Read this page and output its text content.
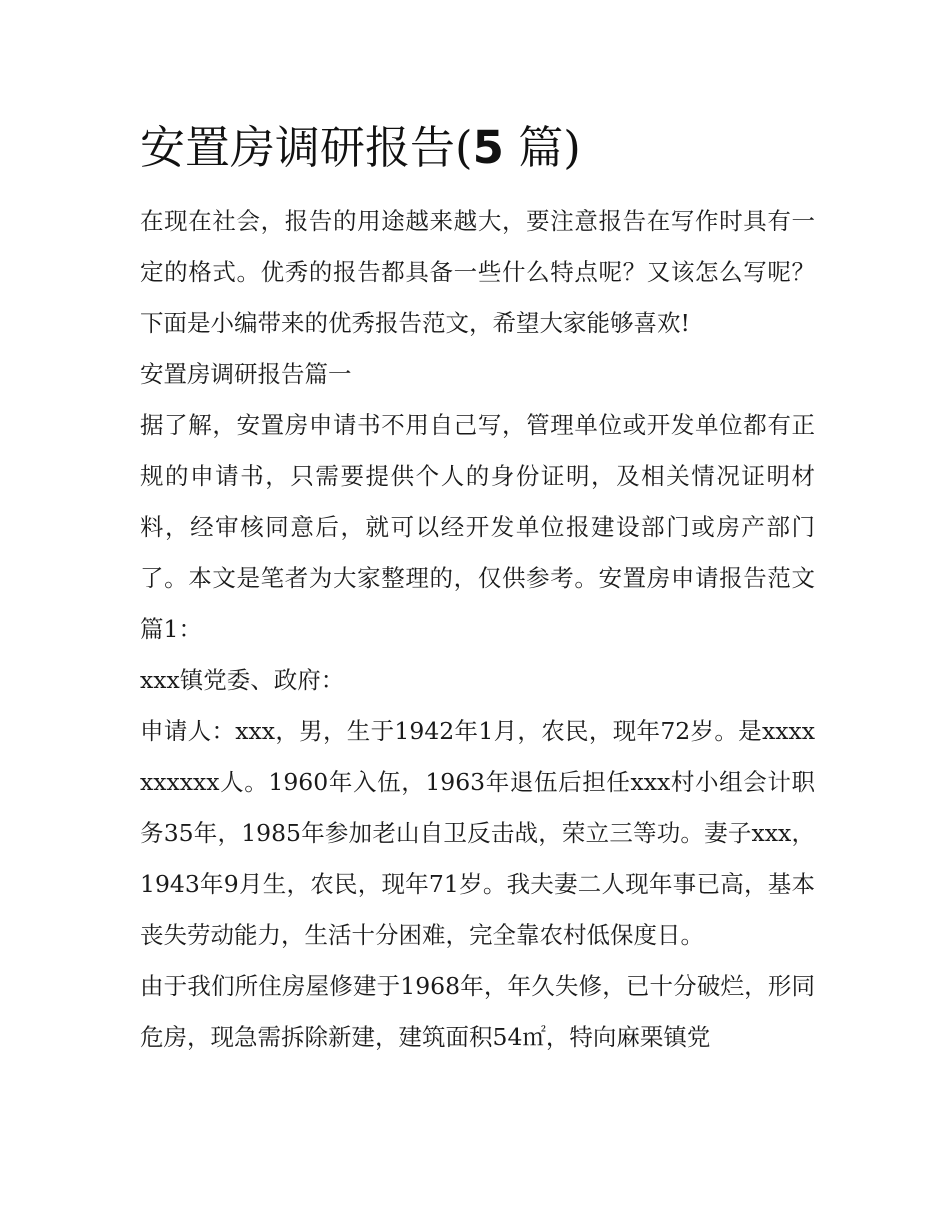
安置房调研报告(5 篇)

在现在社会，报告的用途越来越大，要注意报告在写作时具有一定的格式。优秀的报告都具备一些什么特点呢？又该怎么写呢？下面是小编带来的优秀报告范文，希望大家能够喜欢!

安置房调研报告篇一

据了解，安置房申请书不用自己写，管理单位或开发单位都有正规的申请书，只需要提供个人的身份证明，及相关情况证明材料，经审核同意后，就可以经开发单位报建设部门或房产部门了。本文是笔者为大家整理的，仅供参考。安置房申请报告范文篇1：

xxx镇党委、政府：

申请人：xxx，男，生于1942年1月，农民，现年72岁。是xxxxxxxxxx人。1960年入伍，1963年退伍后担任xxx村小组会计职务35年，1985年参加老山自卫反击战，荣立三等功。妻子xxx，1943年9月生，农民，现年71岁。我夫妻二人现年事已高，基本丧失劳动能力，生活十分困难，完全靠农村低保度日。

由于我们所住房屋修建于1968年，年久失修，已十分破烂，形同危房，现急需拆除新建，建筑面积54㎡，特向麻栗镇党
